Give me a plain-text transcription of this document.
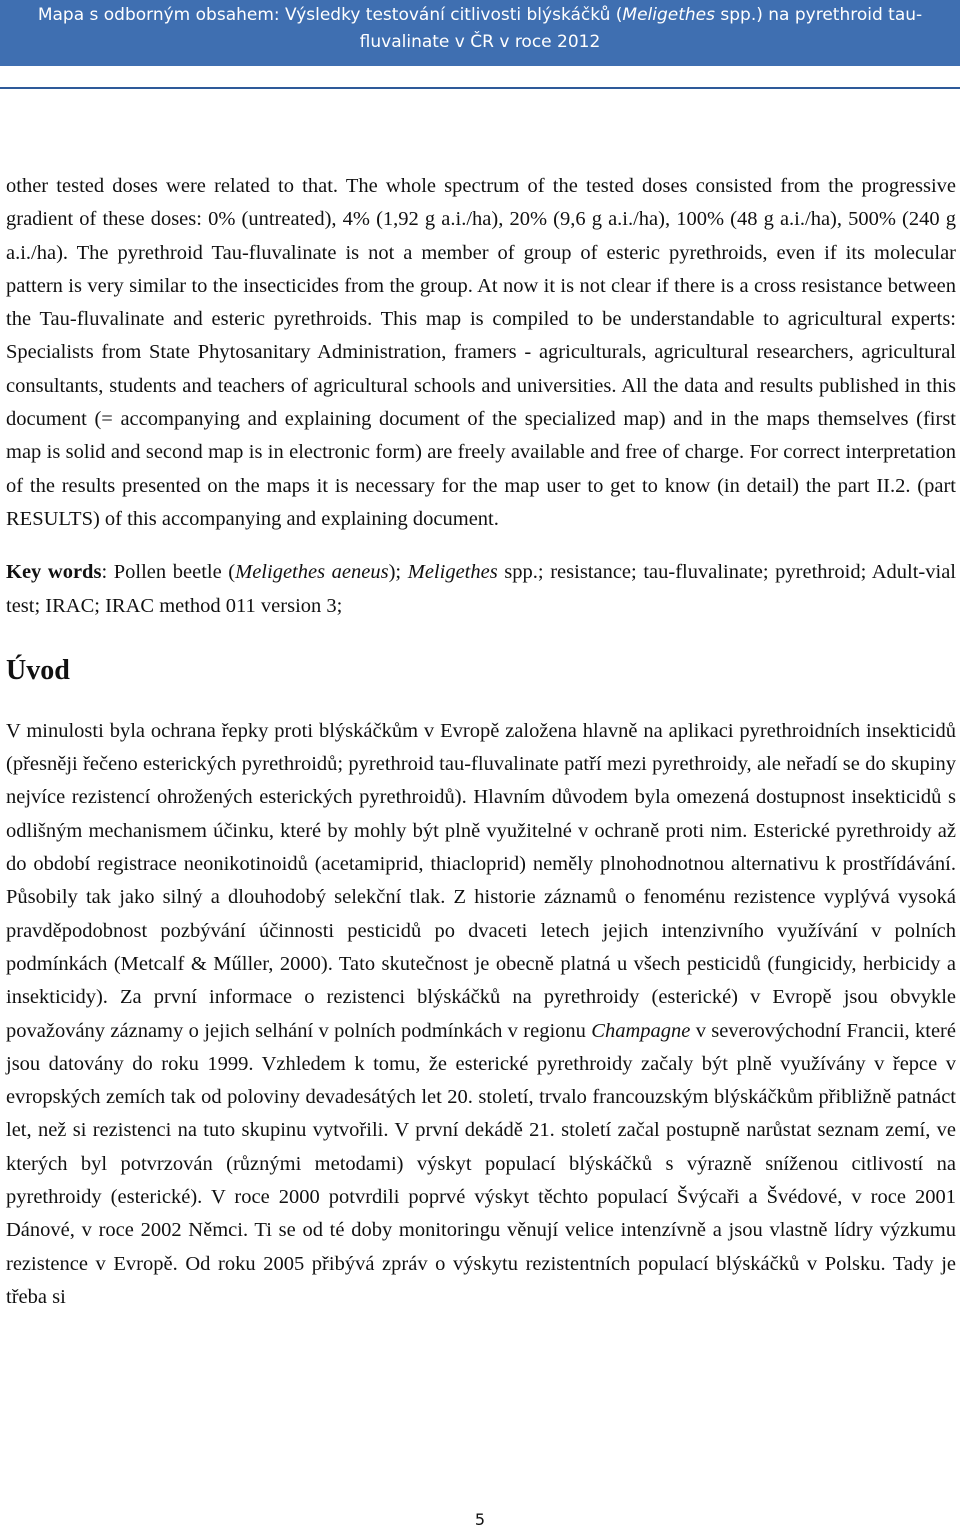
Mapa s odborným obsahem: Výsledky testování citlivosti blýskáčků (Meligethes spp.) na pyrethroid tau-
fluvalinate v ČR v roce 2012

other tested doses were related to that. The whole spectrum of the tested doses consisted from the progressive gradient of these doses: 0% (untreated), 4% (1,92 g a.i./ha), 20% (9,6 g a.i./ha), 100% (48 g a.i./ha), 500% (240 g a.i./ha). The pyrethroid Tau-fluvalinate is not a member of group of esteric pyrethroids, even if its molecular pattern is very similar to the insecticides from the group. At now it is not clear if there is a cross resistance between the Tau-fluvalinate and esteric pyrethroids. This map is compiled to be understandable to agricultural experts: Specialists from State Phytosanitary Administration, framers - agriculturals, agricultural researchers, agricultural consultants, students and teachers of agricultural schools and universities. All the data and results published in this document (= accompanying and explaining document of the specialized map) and in the maps themselves (first map is solid and second map is in electronic form) are freely available and free of charge. For correct interpretation of the results presented on the maps it is necessary for the map user to get to know (in detail) the part II.2. (part RESULTS) of this accompanying and explaining document.

Key words: Pollen beetle (Meligethes aeneus); Meligethes spp.; resistance; tau-fluvalinate; pyrethroid; Adult-vial test; IRAC; IRAC method 011 version 3;

Úvod

V minulosti byla ochrana řepky proti blýskáčkům v Evropě založena hlavně na aplikaci pyrethroidních insekticidů (přesněji řečeno esterických pyrethroidů; pyrethroid tau-fluvalinate patří mezi pyrethroidy, ale neřadí se do skupiny nejvíce rezistencí ohrožených esterických pyrethroidů). Hlavním důvodem byla omezená dostupnost insekticidů s odlišným mechanismem účinku, které by mohly být plně využitelné v ochraně proti nim. Esterické pyrethroidy až do období registrace neonikotinoidů (acetamiprid, thiacloprid) neměly plnohodnotnou alternativu k prostřídávání. Působily tak jako silný a dlouhodobý selekční tlak. Z historie záznamů o fenoménu rezistence vyplývá vysoká pravděpodobnost pozbývání účinnosti pesticidů po dvaceti letech jejich intenzivního využívání v polních podmínkách (Metcalf & Műller, 2000). Tato skutečnost je obecně platná u všech pesticidů (fungicidy, herbicidy a insekticidy). Za první informace o rezistenci blýskáčků na pyrethroidy (esterické) v Evropě jsou obvykle považovány záznamy o jejich selhání v polních podmínkách v regionu Champagne v severovýchodní Francii, které jsou datovány do roku 1999. Vzhledem k tomu, že esterické pyrethroidy začaly být plně využívány v řepce v evropských zemích tak od poloviny devadesátých let 20. století, trvalo francouzským blýskáčkům přibližně patnáct let, než si rezistenci na tuto skupinu vytvořili. V první dekádě 21. století začal postupně narůstat seznam zemí, ve kterých byl potvrzován (různými metodami) výskyt populací blýskáčků s výrazně sníženou citlivostí na pyrethroidy (esterické). V roce 2000 potvrdili poprvé výskyt těchto populací Švýcaři a Švédové, v roce 2001 Dánové, v roce 2002 Němci. Ti se od té doby monitoringu věnují velice intenzívně a jsou vlastně lídry výzkumu rezistence v Evropě. Od roku 2005 přibývá zpráv o výskytu rezistentních populací blýskáčků v Polsku. Tady je třeba si

5
